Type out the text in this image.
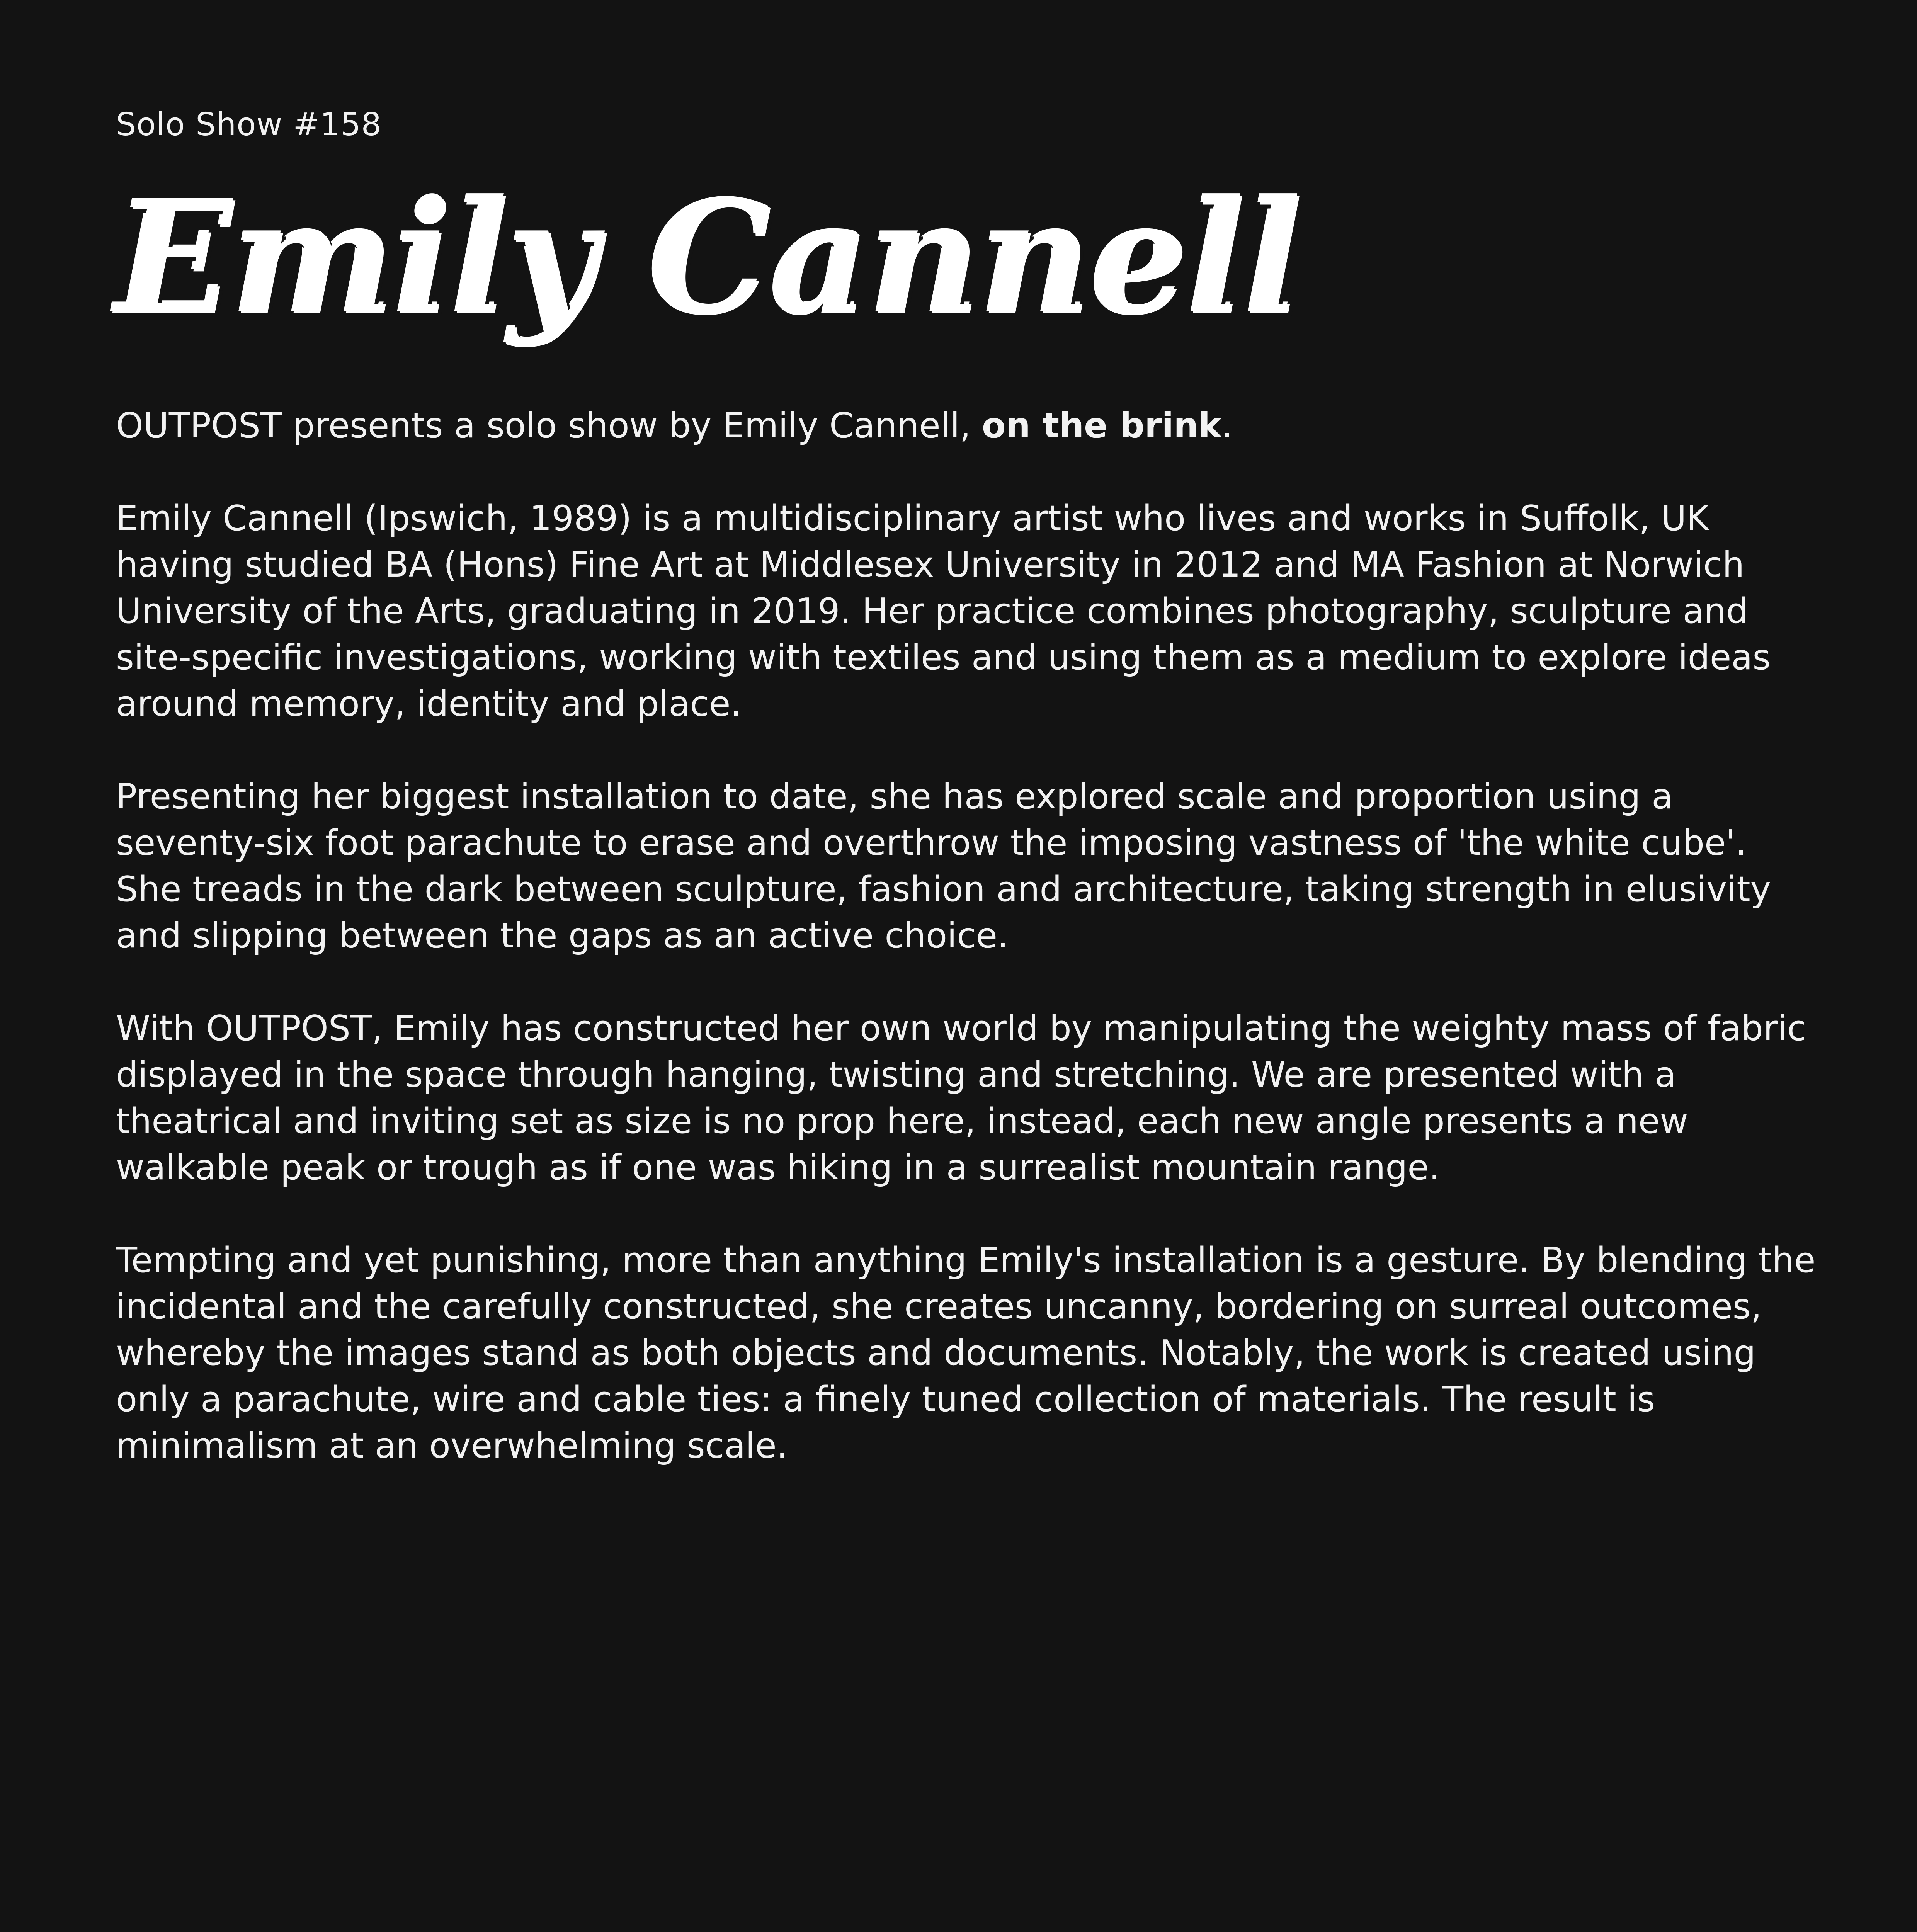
Solo Show #158
Emily Cannell

OUTPOST presents a solo show by Emily Cannell, on the brink.

Emily Cannell (Ipswich, 1989) is a multidisciplinary artist who lives and works in Suffolk, UK having studied BA (Hons) Fine Art at Middlesex University in 2012 and MA Fashion at Norwich University of the Arts, graduating in 2019. Her practice combines photography, sculpture and site-specific investigations, working with textiles and using them as a medium to explore ideas around memory, identity and place.

Presenting her biggest installation to date, she has explored scale and proportion using a seventy-six foot parachute to erase and overthrow the imposing vastness of 'the white cube'. She treads in the dark between sculpture, fashion and architecture, taking strength in elusivity and slipping between the gaps as an active choice.

With OUTPOST, Emily has constructed her own world by manipulating the weighty mass of fabric displayed in the space through hanging, twisting and stretching. We are presented with a theatrical and inviting set as size is no prop here, instead, each new angle presents a new walkable peak or trough as if one was hiking in a surrealist mountain range.

Tempting and yet punishing, more than anything Emily's installation is a gesture. By blending the incidental and the carefully constructed, she creates uncanny, bordering on surreal outcomes, whereby the images stand as both objects and documents. Notably, the work is created using only a parachute, wire and cable ties: a finely tuned collection of materials. The result is minimalism at an overwhelming scale.
